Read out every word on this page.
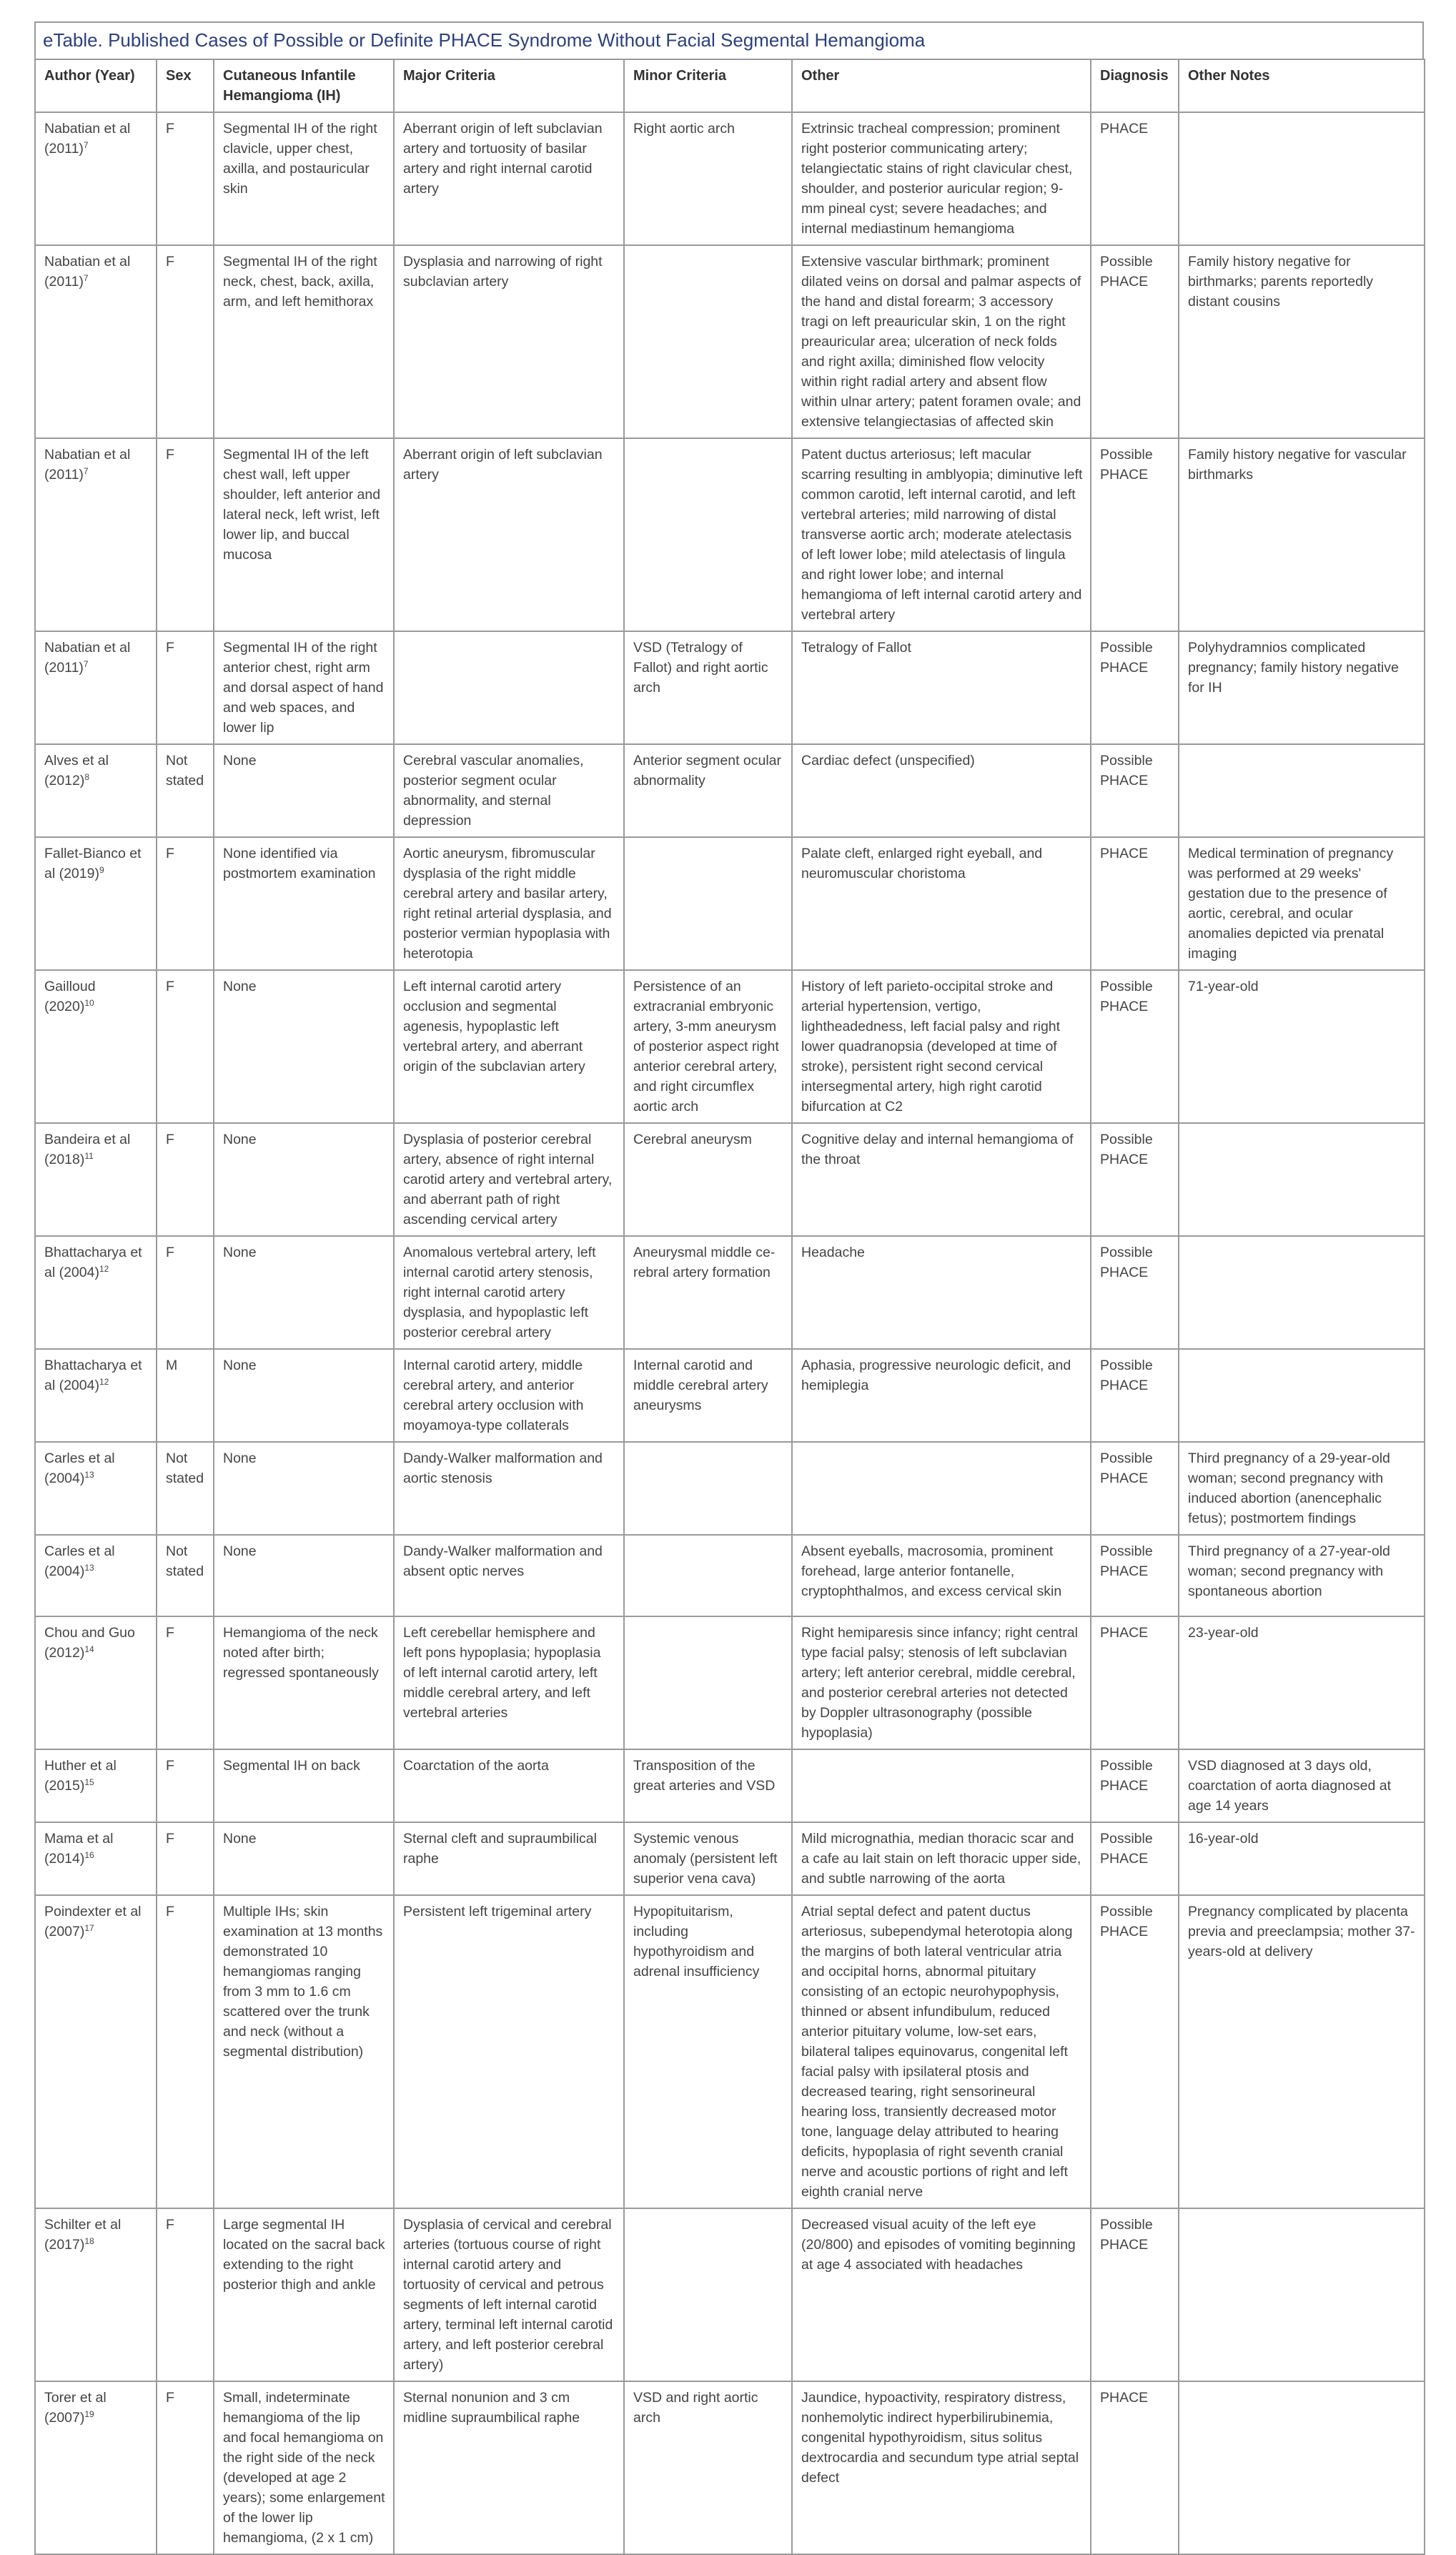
eTable. Published Cases of Possible or Definite PHACE Syndrome Without Facial Segmental Hemangioma
Author (Year)	Sex	Cutaneous Infantile Hemangioma (IH)	Major Criteria	Minor Criteria	Other	Diagnosis	Other Notes
Nabatian et al $(2011)^7$	F	Segmental IH of the right clavicle, upper chest, axilla, and postauricular skin	Aberrant origin of left subclavian artery and tortuosity of basilar artery and right internal carotid artery	Right aortic arch	Extrinsic tracheal compression; prominent right posterior communicating artery; telangiectatic stains of right clavicular chest, shoulder, and posterior auricular region; 9-mm pineal cyst; severe headaches; and internal mediastinum hemangioma	PHACE	
Nabatian et al $(2011)^7$	F	Segmental IH of the right neck, chest, back, axilla, arm, and left hemithorax	Dysplasia and narrowing of right subclavian artery		Extensive vascular birthmark; prominent dilated veins on dorsal and palmar aspects of the hand and distal forearm; 3 accessory tragi on left preauricular skin, 1 on the right preauricular area; ulceration of neck folds and right axilla; diminished flow velocity within right radial artery and absent flow within ulnar artery; patent foramen ovale; and extensive telangiectasias of affected skin	Possible PHACE	Family history negative for birthmarks; parents reportedly distant cousins
Nabatian et al $(2011)^7$	F	Segmental IH of the left chest wall, left upper shoulder, left anterior and lateral neck, left wrist, left lower lip, and buccal mucosa	Aberrant origin of left subclavian artery		Patent ductus arteriosus; left macular scarring resulting in amblyopia; diminutive left common carotid, left internal carotid, and left vertebral arteries; mild narrowing of distal transverse aortic arch; moderate atelectasis of left lower lobe; mild atelectasis of lingula and right lower lobe; and internal hemangioma of left internal carotid artery and vertebral artery	Possible PHACE	Family history negative for vascular birthmarks
Nabatian et al $(2011)^7$	F	Segmental IH of the right anterior chest, right arm and dorsal aspect of hand and web spaces, and lower lip		VSD (Tetralogy of Fallot) and right aortic arch	Tetralogy of Fallot	Possible PHACE	Polyhydramnios complicated pregnancy; family history negative for IH
Alves et al $(2012)^8$	Not stated	None	Cerebral vascular anomalies, posterior segment ocular abnormality, and sternal depression	Anterior segment ocular abnormality	Cardiac defect (unspecified)	Possible PHACE	
Fallet-Bianco et al $(2019)^9$	F	None identified via postmortem examination	Aortic aneurysm, fibromuscular dysplasia of the right middle cerebral artery and basilar artery, right retinal arterial dysplasia, and posterior vermian hypoplasia with heterotopia		Palate cleft, enlarged right eyeball, and neuromuscular choristoma	PHACE	Medical termination of pregnancy was performed at 29 weeks' gestation due to the presence of aortic, cerebral, and ocular anomalies depicted via prenatal imaging
Gailloud $(2020)^{10}$	F	None	Left internal carotid artery occlusion and segmental agenesis, hypoplastic left vertebral artery, and aberrant origin of the subclavian artery	Persistence of an extracranial embryonic artery, 3-mm aneurysm of posterior aspect right anterior cerebral artery, and right circumflex aortic arch	History of left parieto-occipital stroke and arterial hypertension, vertigo, lightheadedness, left facial palsy and right lower quadranopsia (developed at time of stroke), persistent right second cervical intersegmental artery, high right carotid bifurcation at C2	Possible PHACE	71-year-old
Bandeira et al $(2018)^{11}$	F	None	Dysplasia of posterior cerebral artery, absence of right internal carotid artery and vertebral artery, and aberrant path of right ascending cervical artery	Cerebral aneurysm	Cognitive delay and internal hemangioma of the throat	Possible PHACE	
Bhattacharya et al $(2004)^{12}$	F	None	Anomalous vertebral artery, left internal carotid artery stenosis, right internal carotid artery dysplasia, and hypoplastic left posterior cerebral artery	Aneurysmal middle ce-rebral artery formation	Headache	Possible PHACE	
Bhattacharya et al $(2004)^{12}$	M	None	Internal carotid artery, middle cerebral artery, and anterior cerebral artery occlusion with moyamoya-type collaterals	Internal carotid and middle cerebral artery aneurysms	Aphasia, progressive neurologic deficit, and hemiplegia	Possible PHACE	
Carles et al $(2004)^{13}$	Not stated	None	Dandy-Walker malformation and aortic stenosis			Possible PHACE	Third pregnancy of a 29-year-old woman; second pregnancy with induced abortion (anencephalic fetus); postmortem findings
Carles et al $(2004)^{13}$	Not stated	None	Dandy-Walker malformation and absent optic nerves		Absent eyeballs, macrosomia, prominent forehead, large anterior fontanelle, cryptophthalmos, and excess cervical skin	Possible PHACE	Third pregnancy of a 27-year-old woman; second pregnancy with spontaneous abortion
Chou and Guo $(2012)^{14}$	F	Hemangioma of the neck noted after birth; regressed spontaneously	Left cerebellar hemisphere and left pons hypoplasia; hypoplasia of left internal carotid artery, left middle cerebral artery, and left vertebral arteries		Right hemiparesis since infancy; right central type facial palsy; stenosis of left subclavian artery; left anterior cerebral, middle cerebral, and posterior cerebral arteries not detected by Doppler ultrasonography (possible hypoplasia)	PHACE	23-year-old
Huther et al $(2015)^{15}$	F	Segmental IH on back	Coarctation of the aorta	Transposition of the great arteries and VSD		Possible PHACE	VSD diagnosed at 3 days old, coarctation of aorta diagnosed at age 14 years
Mama et al $(2014)^{16}$	F	None	Sternal cleft and supraumbilical raphe	Systemic venous anomaly (persistent left superior vena cava)	Mild micrognathia, median thoracic scar and a cafe au lait stain on left thoracic upper side, and subtle narrowing of the aorta	Possible PHACE	16-year-old
Poindexter et al $(2007)^{17}$	F	Multiple IHs; skin examination at 13 months demonstrated 10 hemangiomas ranging from 3 mm to 1.6 cm scattered over the trunk and neck (without a segmental distribution)	Persistent left trigeminal artery	Hypopituitarism, including hypothyroidism and adrenal insufficiency	Atrial septal defect and patent ductus arteriosus, subependymal heterotopia along the margins of both lateral ventricular atria and occipital horns, abnormal pituitary consisting of an ectopic neurohypophysis, thinned or absent infundibulum, reduced anterior pituitary volume, low-set ears, bilateral talipes equinovarus, congenital left facial palsy with ipsilateral ptosis and decreased tearing, right sensorineural hearing loss, transiently decreased motor tone, language delay attributed to hearing deficits, hypoplasia of right seventh cranial nerve and acoustic portions of right and left eighth cranial nerve	Possible PHACE	Pregnancy complicated by placenta previa and preeclampsia; mother 37-years-old at delivery
Schilter et al $(2017)^{18}$	F	Large segmental IH located on the sacral back extending to the right posterior thigh and ankle	Dysplasia of cervical and cerebral arteries (tortuous course of right internal carotid artery and tortuosity of cervical and petrous segments of left internal carotid artery, terminal left internal carotid artery, and left posterior cerebral artery)		Decreased visual acuity of the left eye (20/800) and episodes of vomiting beginning at age 4 associated with headaches	Possible PHACE	
Torer et al $(2007)^{19}$	F	Small, indeterminate hemangioma of the lip and focal hemangioma on the right side of the neck (developed at age 2 years); some enlargement of the lower lip hemangioma, (2 x 1 cm)	Sternal nonunion and 3 cm midline supraumbilical raphe	VSD and right aortic arch	Jaundice, hypoactivity, respiratory distress, nonhemolytic indirect hyperbilirubinemia, congenital hypothyroidism, situs solitus dextrocardia and secundum type atrial septal defect	PHACE	
